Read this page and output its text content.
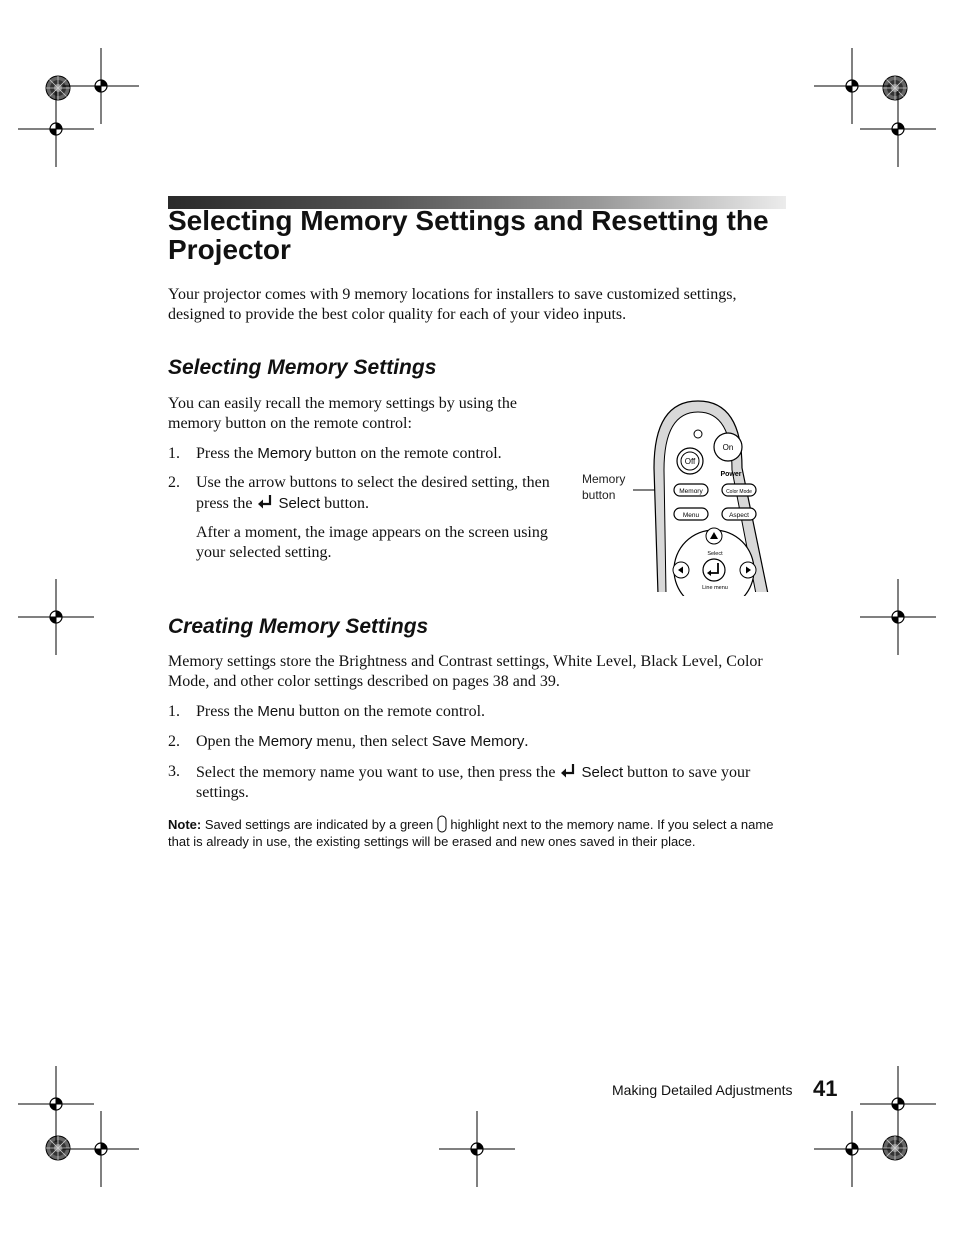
Selecting Memory Settings and Resetting the Projector
Your projector comes with 9 memory locations for installers to save customized settings, designed to provide the best color quality for each of your video inputs.
Selecting Memory Settings
You can easily recall the memory settings by using the memory button on the remote control:
1. Press the Memory button on the remote control.
2. Use the arrow buttons to select the desired setting, then press the  Select button.
After a moment, the image appears on the screen using your selected setting.
Memory
button
On
Off
Power
Memory	Color Mode
Menu	Aspect
Select
Line menu
Creating Memory Settings
Memory settings store the Brightness and Contrast settings, White Level, Black Level, Color Mode, and other color settings described on pages 38 and 39.
1. Press the Menu button on the remote control.
2. Open the Memory menu, then select Save Memory.
3. Select the memory name you want to use, then press the  Select button to save your settings.
Note: Saved settings are indicated by a green  highlight next to the memory name. If you select a name that is already in use, the existing settings will be erased and new ones saved in their place.
Making Detailed Adjustments 41
